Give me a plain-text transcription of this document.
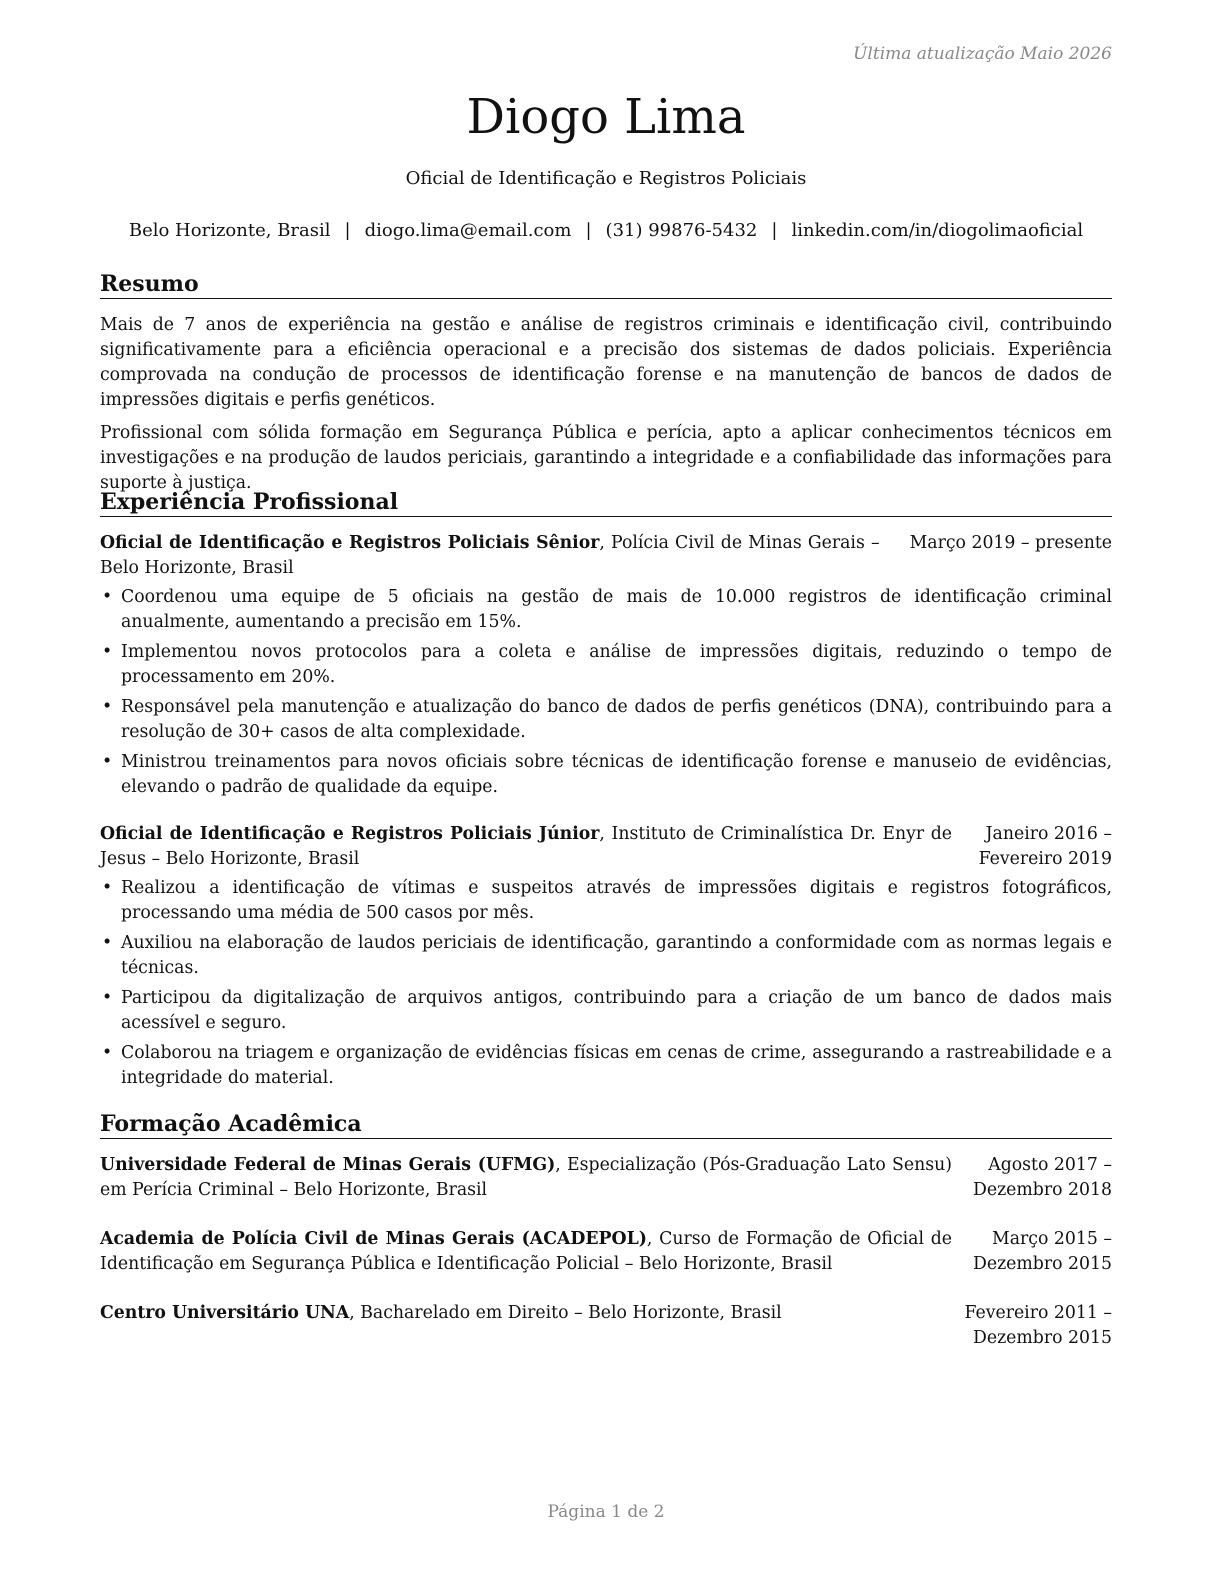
Última atualização Maio 2026
Diogo Lima
Oficial de Identificação e Registros Policiais
Belo Horizonte, Brasil | diogo.lima@email.com | (31) 99876-5432 | linkedin.com/in/diogolimaoficial
Resumo

Mais de 7 anos de experiência na gestão e análise de registros criminais e identificação civil, contribuindo significativamente para a eficiência operacional e a precisão dos sistemas de dados policiais. Experiência comprovada na condução de processos de identificação forense e na manutenção de bancos de dados de impressões digitais e perfis genéticos.

Profissional com sólida formação em Segurança Pública e perícia, apto a aplicar conhecimentos técnicos em investigações e na produção de laudos periciais, garantindo a integridade e a confiabilidade das informações para suporte à justiça.

Experiência Profissional
Oficial de Identificação e Registros Policiais Sênior, Polícia Civil de Minas Gerais – Belo Horizonte, Brasil
Março 2019 – presente
• Coordenou uma equipe de 5 oficiais na gestão de mais de 10.000 registros de identificação criminal anualmente, aumentando a precisão em 15%.
• Implementou novos protocolos para a coleta e análise de impressões digitais, reduzindo o tempo de processamento em 20%.
• Responsável pela manutenção e atualização do banco de dados de perfis genéticos (DNA), contribuindo para a resolução de 30+ casos de alta complexidade.
• Ministrou treinamentos para novos oficiais sobre técnicas de identificação forense e manuseio de evidências, elevando o padrão de qualidade da equipe.
Oficial de Identificação e Registros Policiais Júnior, Instituto de Criminalística Dr. Enyr de Jesus – Belo Horizonte, Brasil
Janeiro 2016 – Fevereiro 2019
• Realizou a identificação de vítimas e suspeitos através de impressões digitais e registros fotográficos, processando uma média de 500 casos por mês.
• Auxiliou na elaboração de laudos periciais de identificação, garantindo a conformidade com as normas legais e técnicas.
• Participou da digitalização de arquivos antigos, contribuindo para a criação de um banco de dados mais acessível e seguro.
• Colaborou na triagem e organização de evidências físicas em cenas de crime, assegurando a rastreabilidade e a integridade do material.
Formação Acadêmica
Universidade Federal de Minas Gerais (UFMG), Especialização (Pós-Graduação Lato Sensu) em Perícia Criminal – Belo Horizonte, Brasil
Agosto 2017 – Dezembro 2018
Academia de Polícia Civil de Minas Gerais (ACADEPOL), Curso de Formação de Oficial de Identificação em Segurança Pública e Identificação Policial – Belo Horizonte, Brasil
Março 2015 – Dezembro 2015
Centro Universitário UNA, Bacharelado em Direito – Belo Horizonte, Brasil	Fevereiro 2011 – Dezembro 2015
Página 1 de 2
